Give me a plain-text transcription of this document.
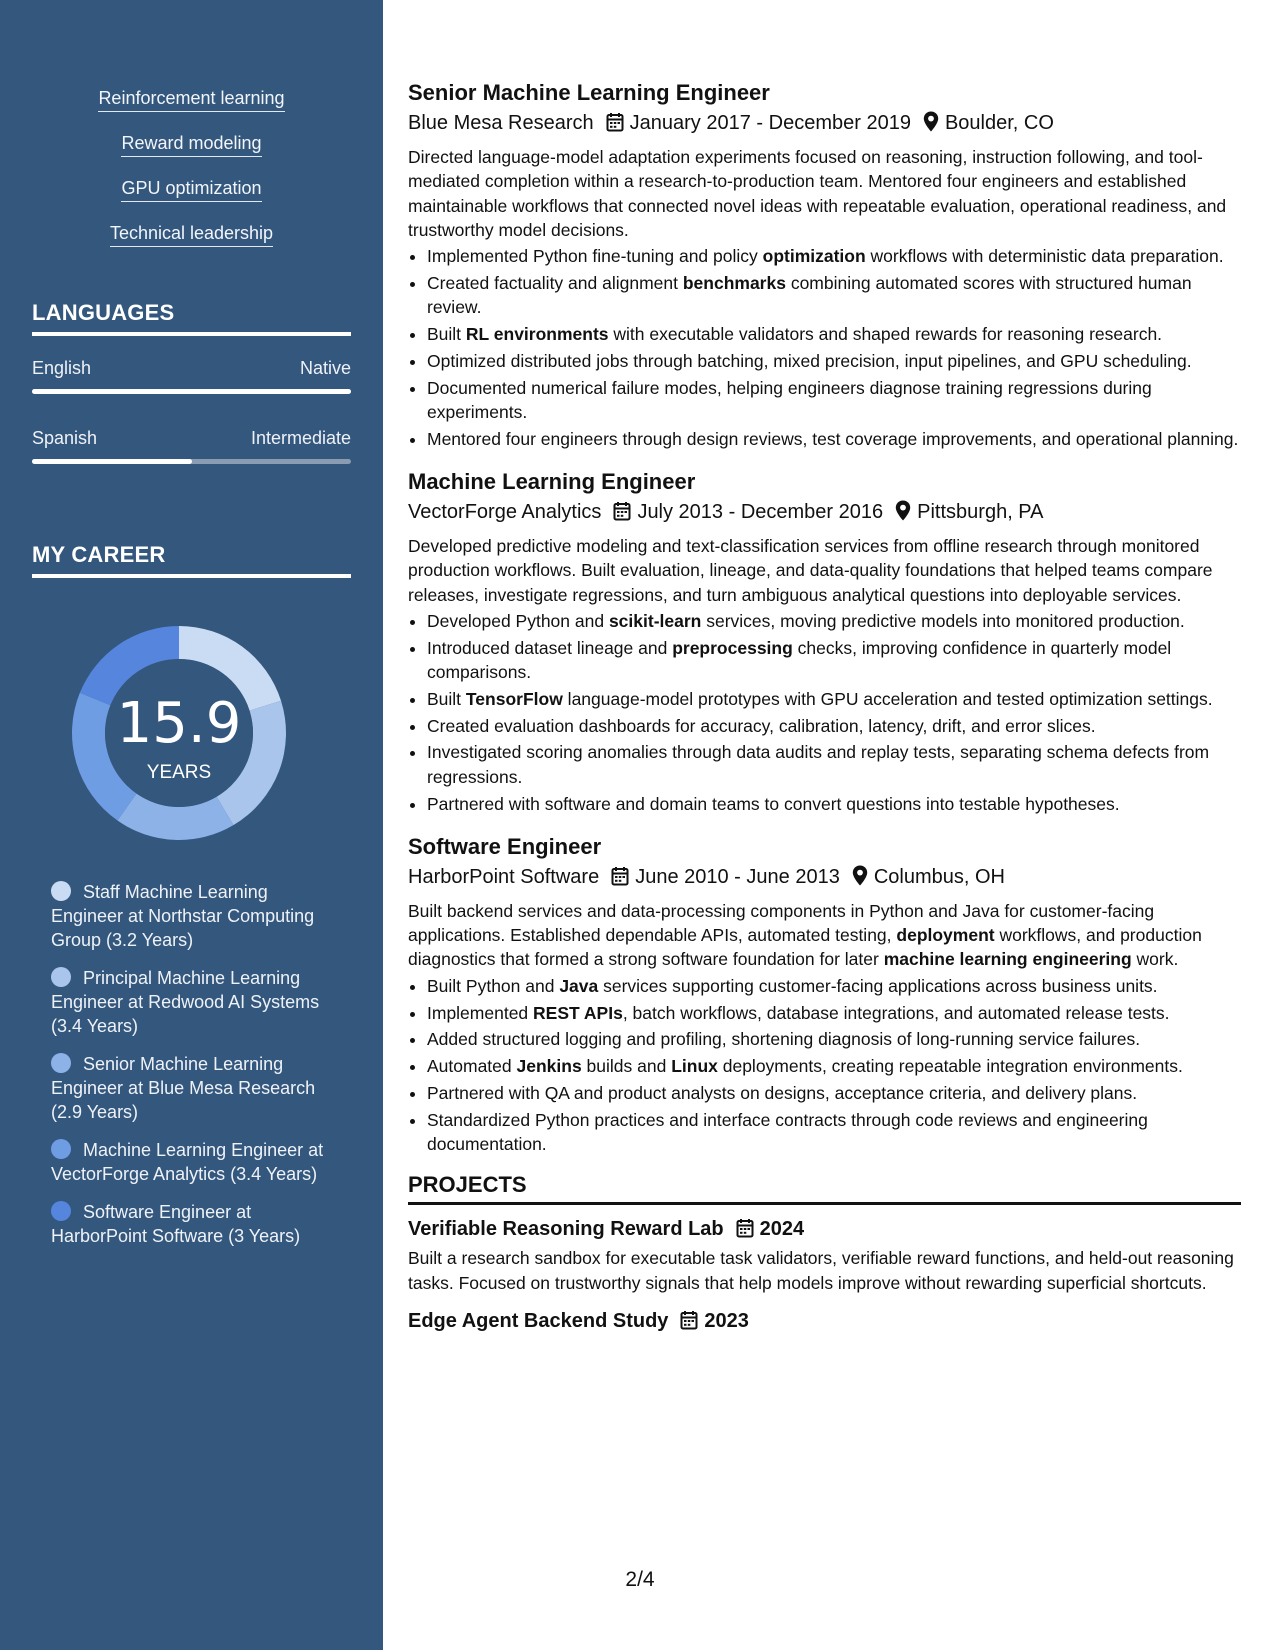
Reinforcement learning
Reward modeling
GPU optimization
Technical leadership
LANGUAGES
English	Native
Spanish	Intermediate
MY CAREER
15.9
YEARS
Staff Machine Learning Engineer at Northstar Computing Group (3.2 Years)
Principal Machine Learning Engineer at Redwood AI Systems (3.4 Years)
Senior Machine Learning Engineer at Blue Mesa Research (2.9 Years)
Machine Learning Engineer at VectorForge Analytics (3.4 Years)
Software Engineer at HarborPoint Software (3 Years)
Senior Machine Learning Engineer
Blue Mesa Research January 2017 - December 2019 Boulder, CO
Directed language-model adaptation experiments focused on reasoning, instruction following, and tool-mediated completion within a research-to-production team. Mentored four engineers and established maintainable workflows that connected novel ideas with repeatable evaluation, operational readiness, and trustworthy model decisions.
• Implemented Python fine-tuning and policy optimization workflows with deterministic data preparation.
• Created factuality and alignment benchmarks combining automated scores with structured human review.
• Built RL environments with executable validators and shaped rewards for reasoning research.
• Optimized distributed jobs through batching, mixed precision, input pipelines, and GPU scheduling.
• Documented numerical failure modes, helping engineers diagnose training regressions during experiments.
• Mentored four engineers through design reviews, test coverage improvements, and operational planning.
Machine Learning Engineer
VectorForge Analytics July 2013 - December 2016 Pittsburgh, PA
Developed predictive modeling and text-classification services from offline research through monitored production workflows. Built evaluation, lineage, and data-quality foundations that helped teams compare releases, investigate regressions, and turn ambiguous analytical questions into deployable services.
• Developed Python and scikit-learn services, moving predictive models into monitored production.
• Introduced dataset lineage and preprocessing checks, improving confidence in quarterly model comparisons.
• Built TensorFlow language-model prototypes with GPU acceleration and tested optimization settings.
• Created evaluation dashboards for accuracy, calibration, latency, drift, and error slices.
• Investigated scoring anomalies through data audits and replay tests, separating schema defects from regressions.
• Partnered with software and domain teams to convert questions into testable hypotheses.
Software Engineer
HarborPoint Software June 2010 - June 2013 Columbus, OH
Built backend services and data-processing components in Python and Java for customer-facing applications. Established dependable APIs, automated testing, deployment workflows, and production diagnostics that formed a strong software foundation for later machine learning engineering work.
• Built Python and Java services supporting customer-facing applications across business units.
• Implemented REST APIs, batch workflows, database integrations, and automated release tests.
• Added structured logging and profiling, shortening diagnosis of long-running service failures.
• Automated Jenkins builds and Linux deployments, creating repeatable integration environments.
• Partnered with QA and product analysts on designs, acceptance criteria, and delivery plans.
• Standardized Python practices and interface contracts through code reviews and engineering documentation.
PROJECTS
Verifiable Reasoning Reward Lab 2024
Built a research sandbox for executable task validators, verifiable reward functions, and held-out reasoning tasks. Focused on trustworthy signals that help models improve without rewarding superficial shortcuts.
Edge Agent Backend Study 2023
2/4
